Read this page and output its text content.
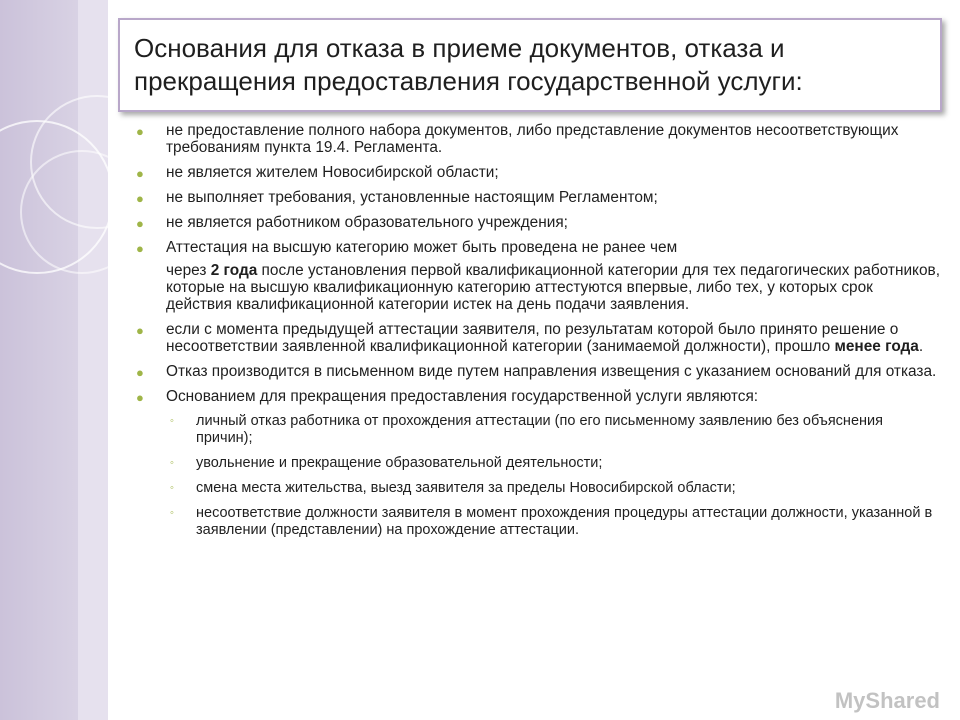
Основания для отказа в приеме документов, отказа и прекращения предоставления государственной услуги:
● не предоставление полного набора документов, либо представление документов несоответствующих требованиям пункта 19.4. Регламента.
● не является жителем Новосибирской области;
● не выполняет требования, установленные настоящим Регламентом;
● не является работником образовательного учреждения;
● Аттестация на высшую категорию может быть проведена не ранее чем
через 2 года после установления первой квалификационной категории для тех педагогических работников, которые на высшую квалификационную категорию аттестуются впервые, либо тех, у которых срок действия квалификационной категории истек на день подачи заявления.
● если с момента предыдущей аттестации заявителя, по результатам которой было принято решение о несоответствии заявленной квалификационной категории (занимаемой должности), прошло менее года.
● Отказ производится в письменном виде путем направления извещения с указанием оснований для отказа.
● Основанием для прекращения предоставления государственной услуги являются:
◦ личный отказ работника от прохождения аттестации (по его письменному заявлению без объяснения причин);
◦ увольнение и прекращение образовательной деятельности;
◦ смена места жительства, выезд заявителя за пределы Новосибирской области;
◦ несоответствие должности заявителя в момент прохождения процедуры аттестации должности, указанной в заявлении (представлении) на прохождение аттестации.
MyShared
